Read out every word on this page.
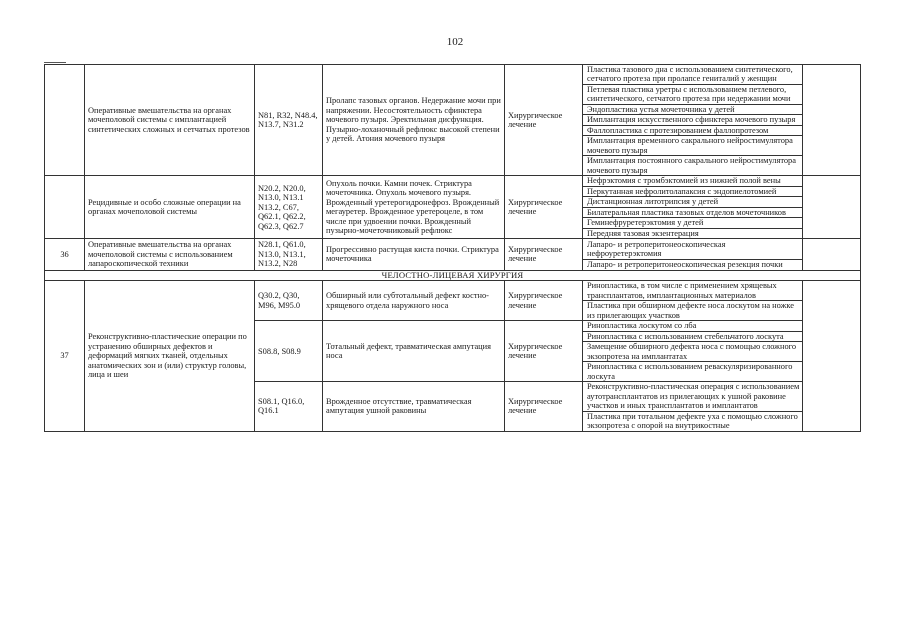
102
	Оперативные вмешательства на органах мочеполовой системы с имплантацией синтетических сложных и сетчатых протезов	N81, R32, N48.4, N13.7, N31.2	Пролапс тазовых органов. Недержание мочи при напряжении. Несостоятельность сфинктера мочевого пузыря. Эректильная дисфункция. Пузырно-лоханочный рефлюкс высокой степени у детей. Атония мочевого пузыря	Хирургическое лечение	Пластика тазового дна с использованием синтетического, сетчатого протеза при пролапсе гениталий у женщин	
					Петлевая пластика уретры с использованием петлевого, синтетического, сетчатого протеза при недержании мочи	
					Эндопластика устья мочеточника у детей	
					Имплантация искусственного сфинктера мочевого пузыря	
					Фаллопластика с протезированием фаллопротезом	
					Имплантация временного сакрального нейростимулятора мочевого пузыря	
					Имплантация постоянного сакрального нейростимулятора мочевого пузыря	
	Рецидивные и особо сложные операции на органах мочеполовой системы	N20.2, N20.0, N13.0, N13.1 N13.2, C67, Q62.1, Q62.2, Q62.3, Q62.7	Опухоль почки. Камни почек. Стриктура мочеточника. Опухоль мочевого пузыря. Врожденный уретерогидронефроз. Врожденный мегауретер. Врожденное уретероцеле, в том числе при удвоении почки. Врожденный пузырно-мочеточниковый рефлюкс	Хирургическое лечение	Нефрэктомия с тромбэктомией из нижней полой вены	
					Перкутанная нефролитолапаксия с эндопиелотомией	
					Дистанционная литотрипсия у детей	
					Билатеральная пластика тазовых отделов мочеточников	
					Геминефруретерэктомия у детей	
					Передняя тазовая экзентерация	
36	Оперативные вмешательства на органах мочеполовой системы с использованием лапароскопической техники	N28.1, Q61.0, N13.0, N13.1, N13.2, N28	Прогрессивно растущая киста почки. Стриктура мочеточника	Хирургическое лечение	Лапаро- и ретроперитонеоскопическая нефроуретерэктомия	
					Лапаро- и ретроперитонеоскопическая резекция почки	
ЧЕЛОСТНО-ЛИЦЕВАЯ ХИРУРГИЯ						
37	Реконструктивно-пластические операции по устранению обширных дефектов и деформаций мягких тканей, отдельных анатомических зон и (или) структур головы, лица и шеи	Q30.2, Q30, M96, M95.0	Обширный или субтотальный дефект костно-хрящевого отдела наружного носа	Хирургическое лечение	Ринопластика, в том числе с применением хрящевых трансплантатов, имплантационных материалов	
					Пластика при обширном дефекте носа лоскутом на ножке из прилегающих участков	
		S08.8, S08.9	Тотальный дефект, травматическая ампутация носа	Хирургическое лечение	Ринопластика лоскутом со лба	
					Ринопластика с использованием стебельчатого лоскута	
					Замещение обширного дефекта носа с помощью сложного экзопротеза на имплантатах	
					Ринопластика с использованием реваскуляризированного лоскута	
		S08.1, Q16.0, Q16.1	Врожденное отсутствие, травматическая ампутация ушной раковины	Хирургическое лечение	Реконструктивно-пластическая операция с использованием аутотрансплантатов из прилегающих к ушной раковине участков и иных трансплантатов и имплантатов	
					Пластика при тотальном дефекте уха с помощью сложного экзопротеза с опорой на внутрикостные	
